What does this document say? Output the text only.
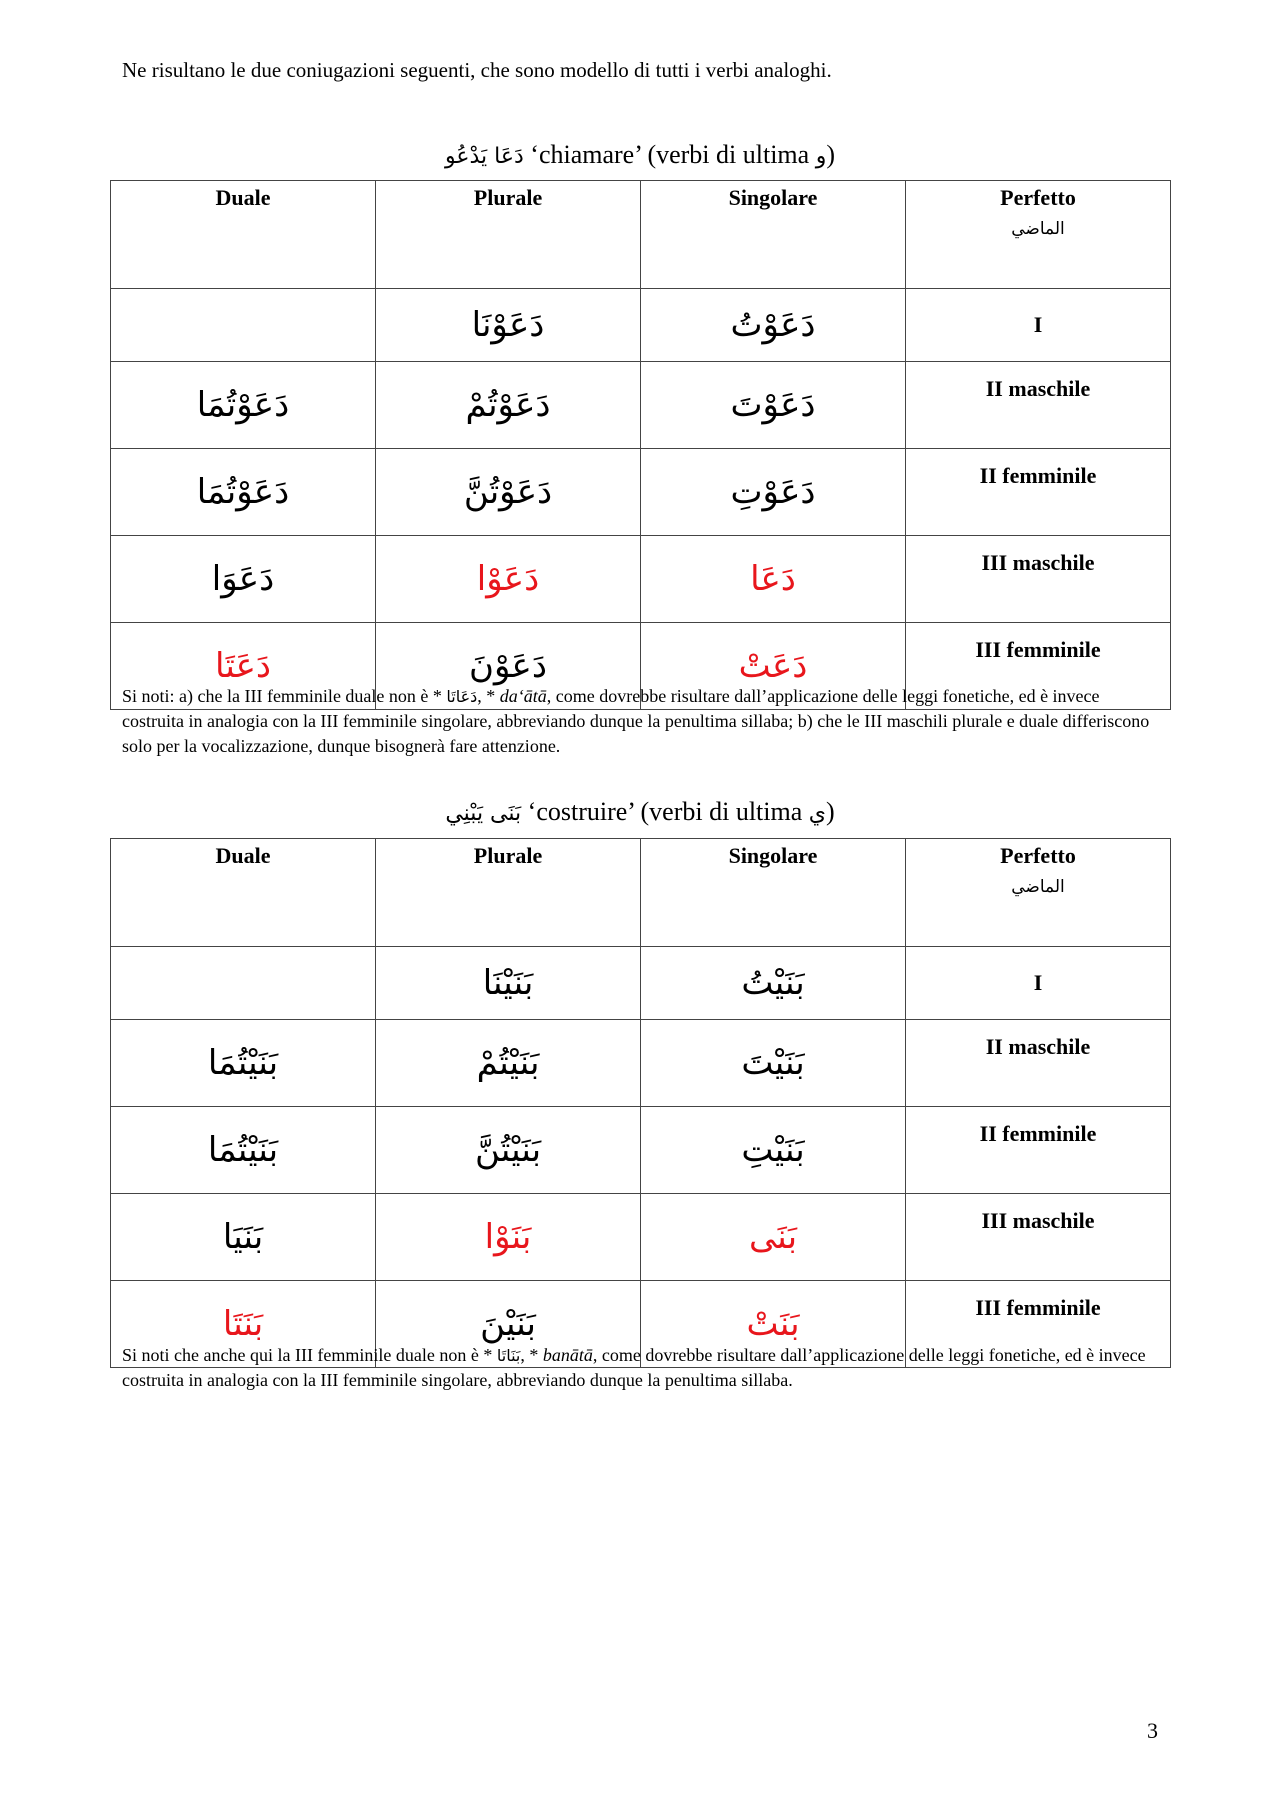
Ne risultano le due coniugazioni seguenti, che sono modello di tutti i verbi analoghi.

دَعَا يَدْعُو ‘chiamare’ (verbi di ultima و)

Duale	Plurale	Singolare	Perfetto
الماضي

	دَعَوْنَا	دَعَوْتُ	I
دَعَوْتُمَا	دَعَوْتُمْ	دَعَوْتَ	II maschile
دَعَوْتُمَا	دَعَوْتُنَّ	دَعَوْتِ	II femminile
دَعَوَا	دَعَوْا	دَعَا	III maschile
دَعَتَا	دَعَوْنَ	دَعَتْ	III femminile

Si noti: a) che la III femminile duale non è * دَعَاتَا, * da‘ātā, come dovrebbe risultare dall’applicazione delle leggi fonetiche, ed è invece costruita in analogia con la III femminile singolare, abbreviando dunque la penultima sillaba; b) che le III maschili plurale e duale differiscono solo per la vocalizzazione, dunque bisognerà fare attenzione.

بَنَى يَبْنِي ‘costruire’ (verbi di ultima ي)

Duale	Plurale	Singolare	Perfetto
الماضي

	بَنَيْنَا	بَنَيْتُ	I
بَنَيْتُمَا	بَنَيْتُمْ	بَنَيْتَ	II maschile
بَنَيْتُمَا	بَنَيْتُنَّ	بَنَيْتِ	II femminile
بَنَيَا	بَنَوْا	بَنَى	III maschile
بَنَتَا	بَنَيْنَ	بَنَتْ	III femminile

Si noti che anche qui la III femminile duale non è * بَنَاتَا, * banātā, come dovrebbe risultare dall’applicazione delle leggi fonetiche, ed è invece costruita in analogia con la III femminile singolare, abbreviando dunque la penultima sillaba.

3
